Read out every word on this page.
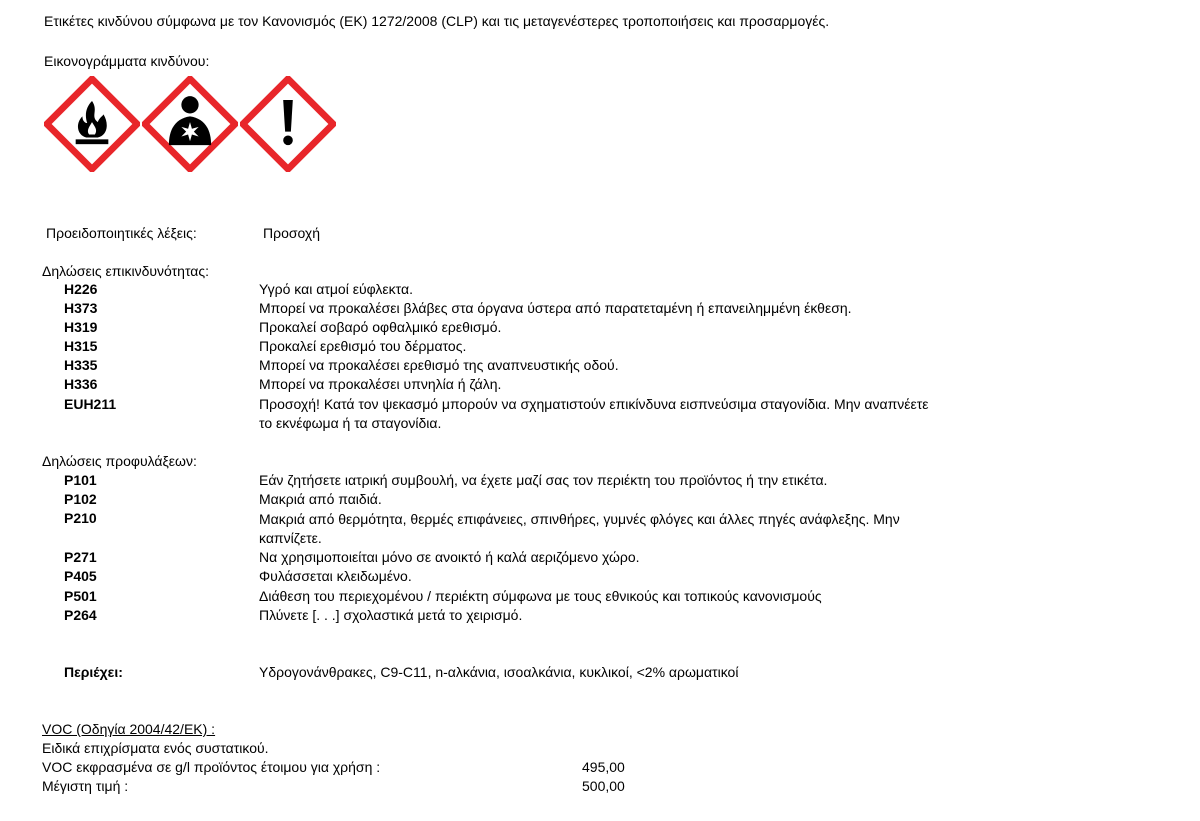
Ετικέτες κινδύνου σύμφωνα με τον Κανονισμός (ΕΚ) 1272/2008 (CLP) και τις μεταγενέστερες τροποποιήσεις και προσαρμογές.
Εικονογράμματα κινδύνου:
Προειδοποιητικές λέξεις:	Προσοχή
Δηλώσεις επικινδυνότητας:
H226	Υγρό και ατμοί εύφλεκτα.
H373	Μπορεί να προκαλέσει βλάβες στα όργανα ύστερα από παρατεταμένη ή επανειλημμένη έκθεση.
H319	Προκαλεί σοβαρό οφθαλμικό ερεθισμό.
H315	Προκαλεί ερεθισμό του δέρματος.
H335	Μπορεί να προκαλέσει ερεθισμό της αναπνευστικής οδού.
H336	Μπορεί να προκαλέσει υπνηλία ή ζάλη.
EUH211	Προσοχή! Κατά τον ψεκασμό μπορούν να σχηματιστούν επικίνδυνα εισπνεύσιμα σταγονίδια. Μην αναπνέετε
το εκνέφωμα ή τα σταγονίδια.
Δηλώσεις προφυλάξεων:
P101	Εάν ζητήσετε ιατρική συμβουλή, να έχετε μαζί σας τον περιέκτη του προϊόντος ή την ετικέτα.
P102	Μακριά από παιδιά.
P210	Μακριά από θερμότητα, θερμές επιφάνειες, σπινθήρες, γυμνές φλόγες και άλλες πηγές ανάφλεξης. Μην
καπνίζετε.
P271	Να χρησιμοποιείται μόνο σε ανοικτό ή καλά αεριζόμενο χώρο.
P405	Φυλάσσεται κλειδωμένο.
P501	Διάθεση του περιεχομένου / περιέκτη σύμφωνα με τους εθνικούς και τοπικούς κανονισμούς
P264	Πλύνετε [. . .] σχολαστικά μετά το χειρισμό.
Περιέχει:	Υδρογονάνθρακες, C9-C11, n-αλκάνια, ισοαλκάνια, κυκλικοί, <2% αρωματικοί
VOC (Οδηγία 2004/42/ΕΚ) :
Ειδικά επιχρίσματα ενός συστατικού.
VOC εκφρασμένα σε g/l προϊόντος έτοιμου για χρήση :	495,00
Μέγιστη τιμή :	500,00
